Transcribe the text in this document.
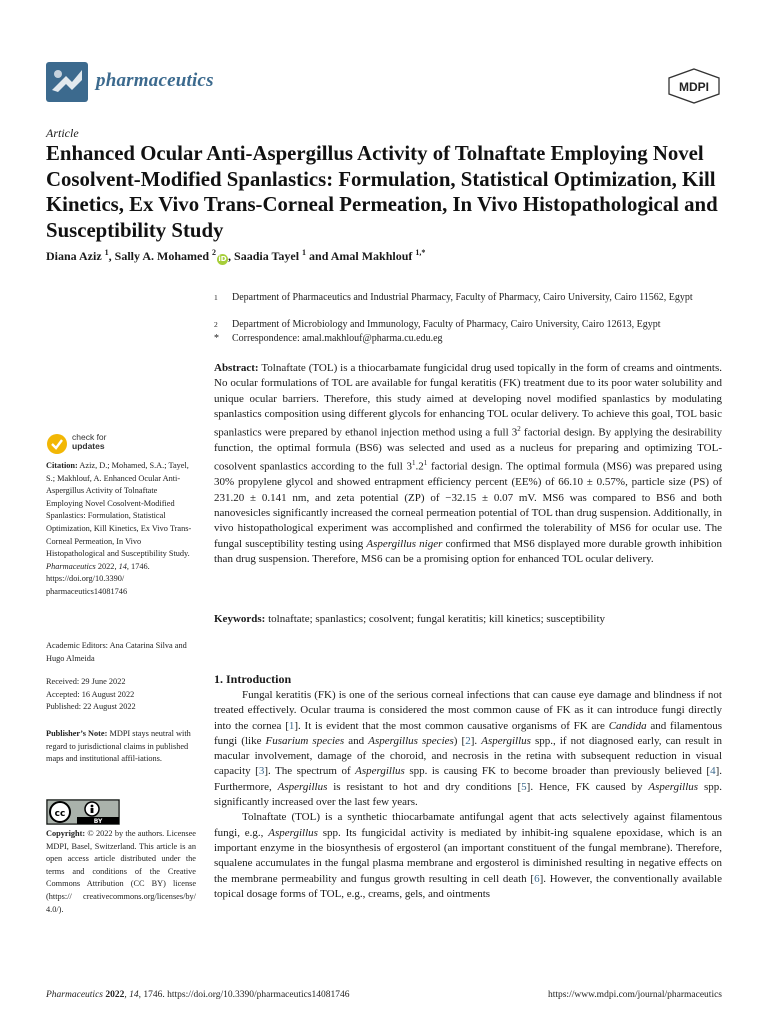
pharmaceutics	MDPI
Article
Enhanced Ocular Anti-Aspergillus Activity of Tolnaftate Employing Novel Cosolvent-Modified Spanlastics: Formulation, Statistical Optimization, Kill Kinetics, Ex Vivo Trans-Corneal Permeation, In Vivo Histopathological and Susceptibility Study
Diana Aziz $^1$, Sally A. Mohamed $^2$iD, Saadia Tayel $^1$ and Amal Makhlouf $^{1,*}$
1	Department of Pharmaceutics and Industrial Pharmacy, Faculty of Pharmacy, Cairo University, Cairo 11562, Egypt
2	Department of Microbiology and Immunology, Faculty of Pharmacy, Cairo University, Cairo 12613, Egypt
*	Correspondence: amal.makhlouf@pharma.cu.edu.eg
Abstract: Tolnaftate (TOL) is a thiocarbamate fungicidal drug used topically in the form of creams and ointments. No ocular formulations of TOL are available for fungal keratitis (FK) treatment due to its poor water solubility and unique ocular barriers. Therefore, this study aimed at developing novel modified spanlastics by modulating spanlastics composition using different glycols for enhancing TOL ocular delivery. To achieve this goal, TOL basic spanlastics were prepared by ethanol injection method using a full $3^2$ factorial design. By applying the desirability function, the optimal formula (BS6) was selected and used as a nucleus for preparing and optimizing TOL-cosolvent spanlastics according to the full $3^1.2^1$ factorial design. The optimal formula (MS6) was prepared using 30% propylene glycol and showed entrapment efficiency percent (EE%) of 66.10 ± 0.57%, particle size (PS) of 231.20 ± 0.141 nm, and zeta potential (ZP) of −32.15 ± 0.07 mV. MS6 was compared to BS6 and both nanovesicles significantly increased the corneal permeation potential of TOL than drug suspension. Additionally, in vivo histopathological experiment was accomplished and confirmed the tolerability of MS6 for ocular use. The fungal susceptibility testing using Aspergillus niger confirmed that MS6 displayed more durable growth inhibition than drug suspension. Therefore, MS6 can be a promising option for enhanced TOL ocular delivery.
Keywords: tolnaftate; spanlastics; cosolvent; fungal keratitis; kill kinetics; susceptibility
1. Introduction

Fungal keratitis (FK) is one of the serious corneal infections that can cause eye damage and blindness if not treated effectively. Ocular trauma is considered the most common cause of FK as it can introduce fungi directly into the cornea [1]. It is evident that the most common causative organisms of FK are Candida and filamentous fungi (like Fusarium species and Aspergillus species) [2]. Aspergillus spp., if not diagnosed early, can result in macular involvement, damage of the choroid, and necrosis in the retina with subsequent reduction in visual capacity [3]. The spectrum of Aspergillus spp. is causing FK to become broader than previously believed [4]. Furthermore, Aspergillus is resistant to hot and dry conditions [5]. Hence, FK caused by Aspergillus spp. significantly increased over the last few years.

Tolnaftate (TOL) is a synthetic thiocarbamate antifungal agent that acts selectively against filamentous fungi, e.g., Aspergillus spp. Its fungicidal activity is mediated by inhibit-ing squalene epoxidase, which is an important enzyme in the biosynthesis of ergosterol (an important constituent of the fungal membrane). Therefore, squalene accumulates in the fungal plasma membrane and ergosterol is diminished resulting in negative effects on the membrane permeability and fungus growth resulting in cell death [6]. However, the conventionally available topical dosage forms of TOL, e.g., creams, gels, and ointments

check for
updates
Citation: Aziz, D.; Mohamed, S.A.; Tayel, S.; Makhlouf, A. Enhanced Ocular Anti-Aspergillus Activity of Tolnaftate Employing Novel Cosolvent-Modified Spanlastics: Formulation, Statistical Optimization, Kill Kinetics, Ex Vivo Trans-Corneal Permeation, In Vivo Histopathological and Susceptibility Study. Pharmaceutics 2022, 14, 1746. https://doi.org/10.3390/ pharmaceutics14081746
Academic Editors: Ana Catarina Silva and Hugo Almeida
Received: 29 June 2022
Accepted: 16 August 2022
Published: 22 August 2022
Publisher’s Note: MDPI stays neutral with regard to jurisdictional claims in published maps and institutional affil-iations.
cc
BY
Copyright: © 2022 by the authors. Licensee MDPI, Basel, Switzerland. This article is an open access article distributed under the terms and conditions of the Creative Commons Attribution (CC BY) license (https:// creativecommons.org/licenses/by/ 4.0/).
Pharmaceutics 2022, 14, 1746. https://doi.org/10.3390/pharmaceutics14081746	https://www.mdpi.com/journal/pharmaceutics
